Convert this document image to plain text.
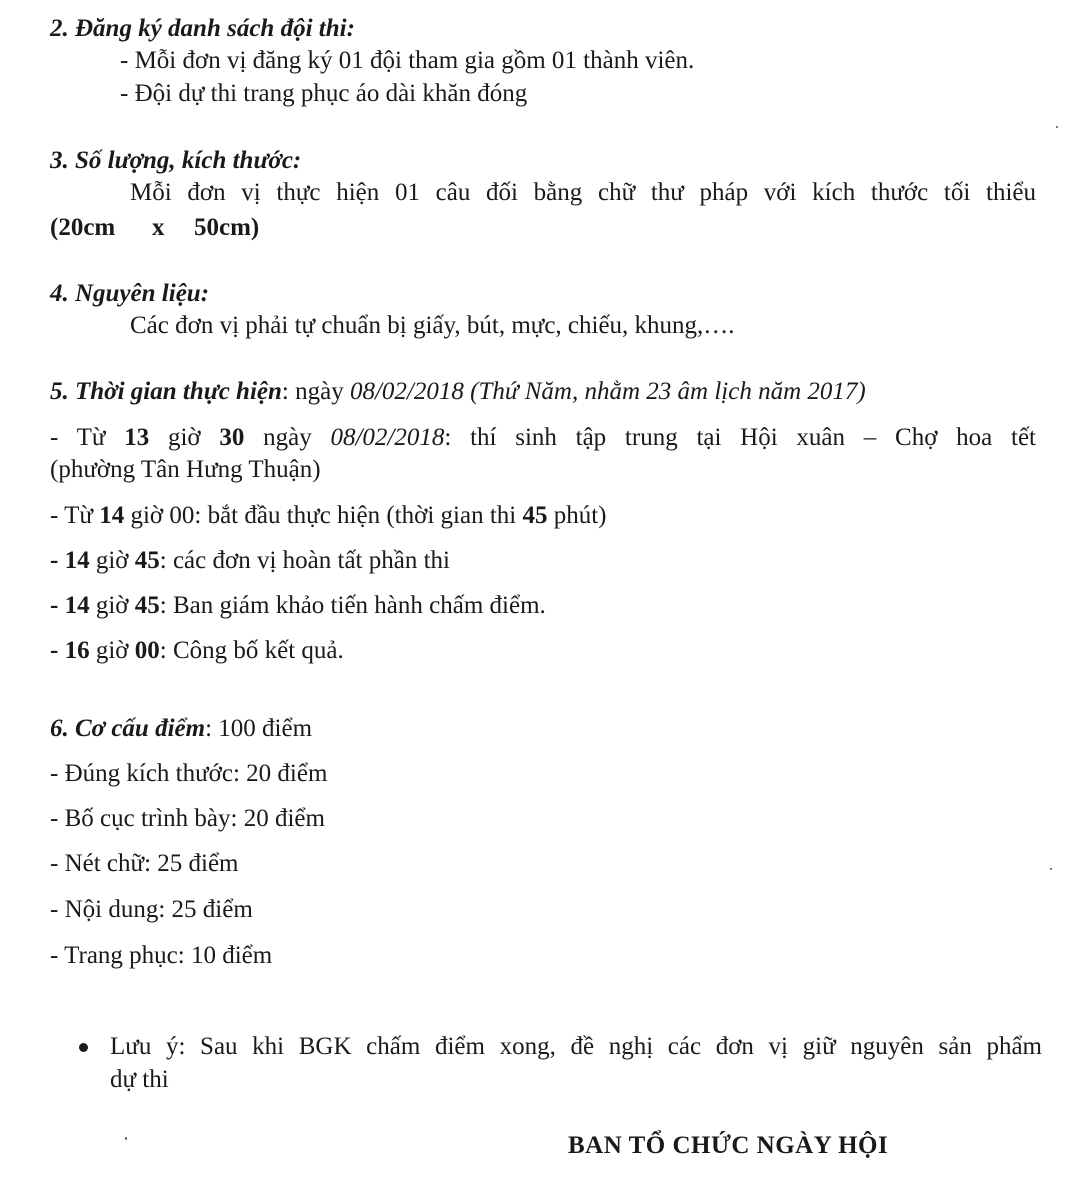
2. Đăng ký danh sách đội thi:
- Mỗi đơn vị đăng ký 01 đội tham gia gồm 01 thành viên.
- Đội dự thi trang phục áo dài khăn đóng
3. Số lượng, kích thước:
Mỗi đơn vị thực hiện 01 câu đối bằng chữ thư pháp với kích thước tối thiểu
(20cm x 50cm)
4. Nguyên liệu:
Các đơn vị phải tự chuẩn bị giấy, bút, mực, chiếu, khung,….
5. Thời gian thực hiện: ngày 08/02/2018 (Thứ Năm, nhằm 23 âm lịch năm 2017)
- Từ 13 giờ 30 ngày 08/02/2018: thí sinh tập trung tại Hội xuân – Chợ hoa tết
(phường Tân Hưng Thuận)
- Từ 14 giờ 00: bắt đầu thực hiện (thời gian thi 45 phút)
- 14 giờ 45: các đơn vị hoàn tất phần thi
- 14 giờ 45: Ban giám khảo tiến hành chấm điểm.
- 16 giờ 00: Công bố kết quả.
6. Cơ cấu điểm: 100 điểm
- Đúng kích thước: 20 điểm
- Bố cục trình bày: 20 điểm
- Nét chữ: 25 điểm
- Nội dung: 25 điểm
- Trang phục: 10 điểm
Lưu ý: Sau khi BGK chấm điểm xong, đề nghị các đơn vị giữ nguyên sản phẩm
dự thi
BAN TỔ CHỨC NGÀY HỘI
